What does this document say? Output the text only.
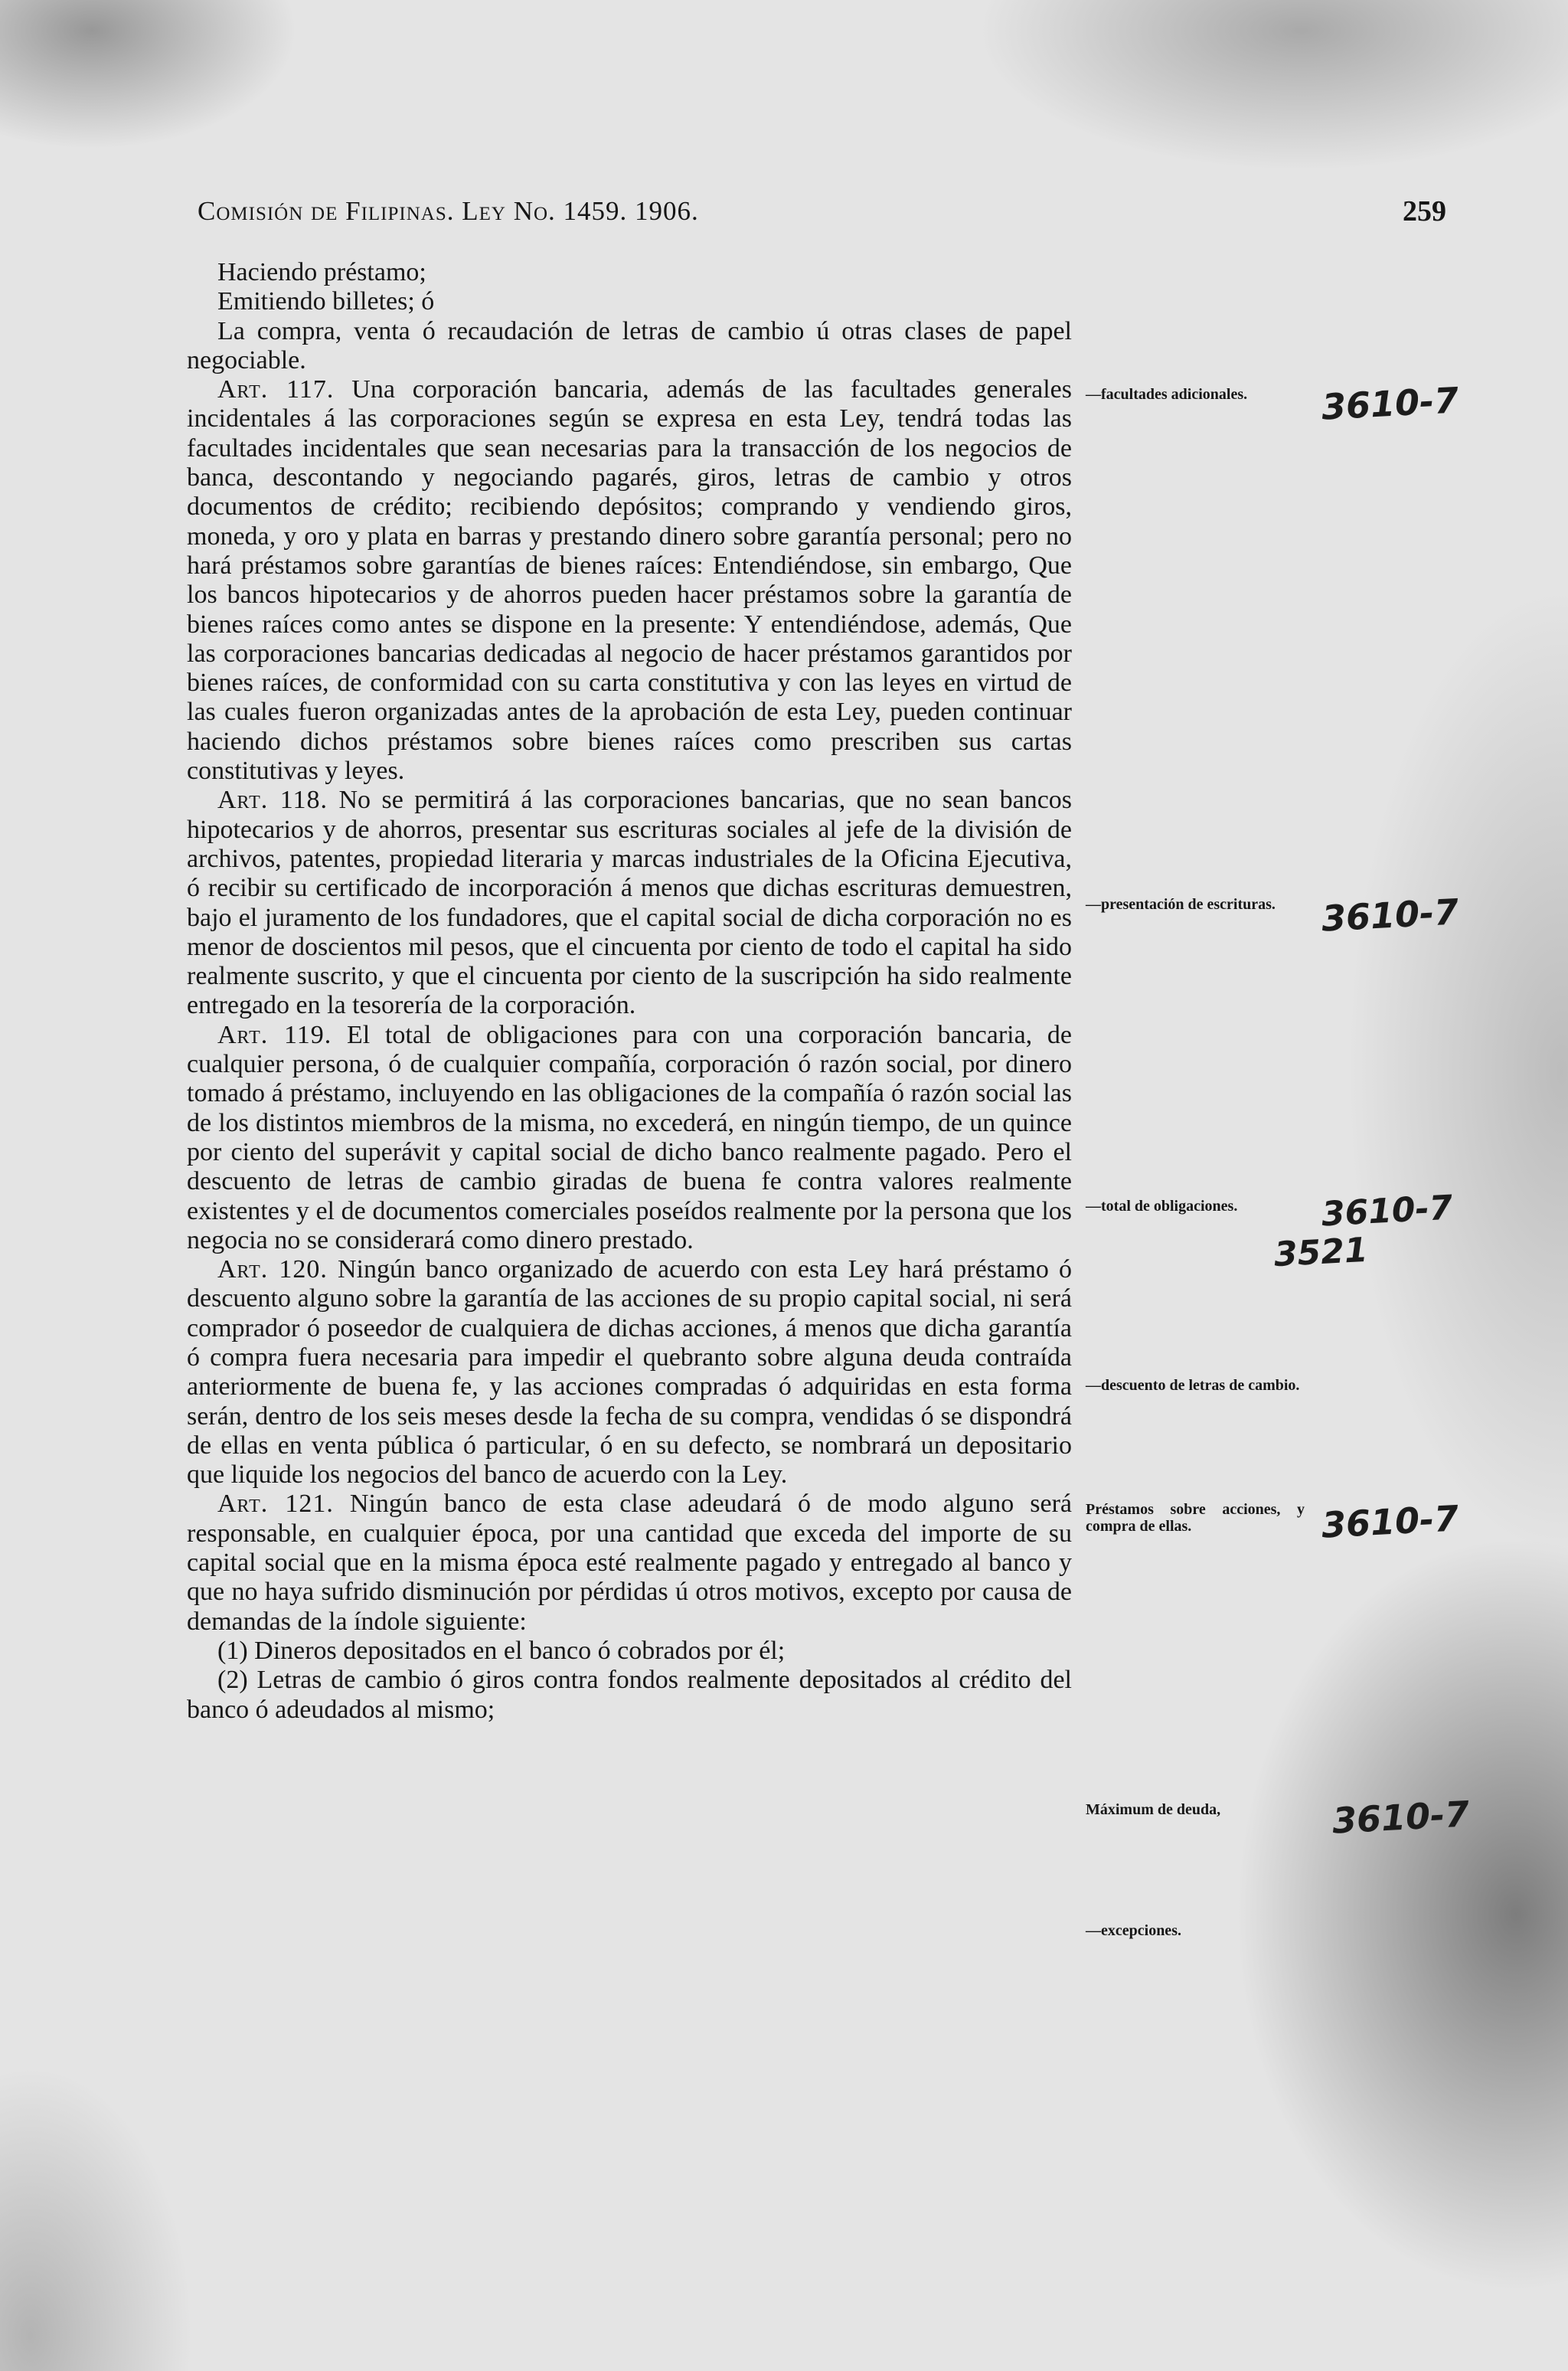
Comisión de Filipinas. Ley No. 1459. 1906.	259

Haciendo préstamo;

Emitiendo billetes; ó

La compra, venta ó recaudación de letras de cambio ú otras clases de papel negociable.

Art. 117. Una corporación bancaria, además de las facultades generales incidentales á las corporaciones según se expresa en esta Ley, tendrá todas las facultades incidentales que sean necesarias para la transacción de los negocios de banca, descontando y negociando pagarés, giros, letras de cambio y otros documentos de crédito; recibiendo depósitos; comprando y vendiendo giros, moneda, y oro y plata en barras y prestando dinero sobre garantía personal; pero no hará préstamos sobre garantías de bienes raíces: Entendiéndose, sin embargo, Que los bancos hipotecarios y de ahorros pueden hacer préstamos sobre la garantía de bienes raíces como antes se dispone en la presente: Y entendiéndose, además, Que las corporaciones bancarias dedicadas al negocio de hacer préstamos garantidos por bienes raíces, de conformidad con su carta constitutiva y con las leyes en virtud de las cuales fueron organizadas antes de la aprobación de esta Ley, pueden continuar haciendo dichos préstamos sobre bienes raíces como prescriben sus cartas constitutivas y leyes.

Art. 118. No se permitirá á las corporaciones bancarias, que no sean bancos hipotecarios y de ahorros, presentar sus escrituras sociales al jefe de la división de archivos, patentes, propiedad literaria y marcas industriales de la Oficina Ejecutiva, ó recibir su certificado de incorporación á menos que dichas escrituras demuestren, bajo el juramento de los fundadores, que el capital social de dicha corporación no es menor de doscientos mil pesos, que el cincuenta por ciento de todo el capital ha sido realmente suscrito, y que el cincuenta por ciento de la suscripción ha sido realmente entregado en la tesorería de la corporación.

Art. 119. El total de obligaciones para con una corporación bancaria, de cualquier persona, ó de cualquier compañía, corporación ó razón social, por dinero tomado á préstamo, incluyendo en las obligaciones de la compañía ó razón social las de los distintos miembros de la misma, no excederá, en ningún tiempo, de un quince por ciento del superávit y capital social de dicho banco realmente pagado. Pero el descuento de letras de cambio giradas de buena fe contra valores realmente existentes y el de documentos comerciales poseídos realmente por la persona que los negocia no se considerará como dinero prestado.

Art. 120. Ningún banco organizado de acuerdo con esta Ley hará préstamo ó descuento alguno sobre la garantía de las acciones de su propio capital social, ni será comprador ó poseedor de cualquiera de dichas acciones, á menos que dicha garantía ó compra fuera necesaria para impedir el quebranto sobre alguna deuda contraída anteriormente de buena fe, y las acciones compradas ó adquiridas en esta forma serán, dentro de los seis meses desde la fecha de su compra, vendidas ó se dispondrá de ellas en venta pública ó particular, ó en su defecto, se nombrará un depositario que liquide los negocios del banco de acuerdo con la Ley.

Art. 121. Ningún banco de esta clase adeudará ó de modo alguno será responsable, en cualquier época, por una cantidad que exceda del importe de su capital social que en la misma época esté realmente pagado y entregado al banco y que no haya sufrido disminución por pérdidas ú otros motivos, excepto por causa de demandas de la índole siguiente:

(1) Dineros depositados en el banco ó cobrados por él;

(2) Letras de cambio ó giros contra fondos realmente depositados al crédito del banco ó adeudados al mismo;

—facultades adicionales.
—presentación de escrituras.
—total de obligaciones.
—descuento de letras de cambio.
Préstamos sobre acciones, y compra de ellas.
Máximum de deuda,
—excepciones.
3610-7
3610-7
3610-7
3521
3610-7
3610-7
